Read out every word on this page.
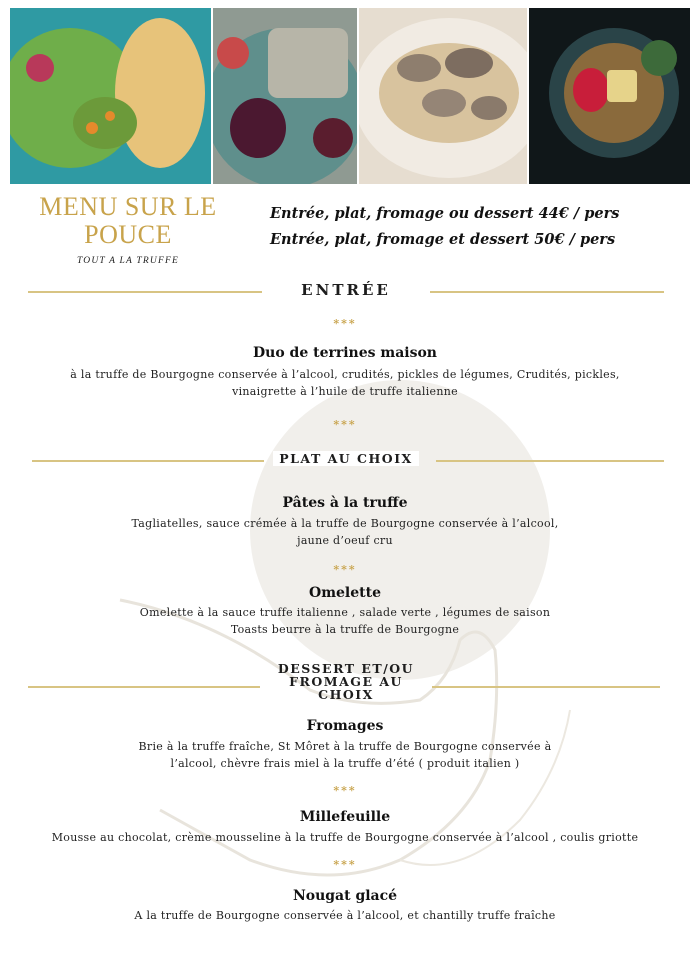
MENU SUR LE
POUCE
TOUT A LA TRUFFE
Entrée, plat, fromage ou dessert 44€ / pers
Entrée, plat, fromage et dessert 50€ / pers
ENTRÉE
***
Duo de terrines maison
à la truffe de Bourgogne conservée à l’alcool, crudités, pickles de légumes, Crudités, pickles,
vinaigrette à l’huile de truffe italienne
***
PLAT AU CHOIX
Pâtes à la truffe
Tagliatelles, sauce crémée à la truffe de Bourgogne conservée à l’alcool,
jaune d’oeuf cru
***
Omelette
Omelette à la sauce truffe italienne , salade verte , légumes de saison
Toasts beurre à la truffe de Bourgogne
DESSERT ET/OU
FROMAGE AU
CHOIX
Fromages
Brie à la truffe fraîche, St Môret à la truffe de Bourgogne conservée à
l’alcool, chèvre frais miel à la truffe d’été ( produit italien )
***
Millefeuille
Mousse au chocolat, crème mousseline à la truffe de Bourgogne conservée à l’alcool , coulis griotte
***
Nougat glacé
A la truffe de Bourgogne conservée à l’alcool, et chantilly truffe fraîche
